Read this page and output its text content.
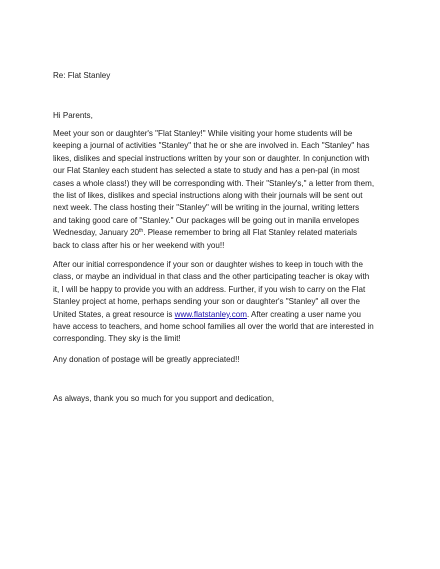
Re: Flat Stanley
Hi Parents,
Meet your son or daughter's "Flat Stanley!" While visiting your home students will be
keeping a journal of activities "Stanley" that he or she are involved in. Each "Stanley" has
likes, dislikes and special instructions written by your son or daughter. In conjunction with
our Flat Stanley each student has selected a state to study and has a pen-pal (in most
cases a whole class!) they will be corresponding with. Their "Stanley's," a letter from them,
the list of likes, dislikes and special instructions along with their journals will be sent out
next week. The class hosting their "Stanley" will be writing in the journal, writing letters
and taking good care of "Stanley." Our packages will be going out in manila envelopes
Wednesday, January 20th. Please remember to bring all Flat Stanley related materials
back to class after his or her weekend with you!!
After our initial correspondence if your son or daughter wishes to keep in touch with the
class, or maybe an individual in that class and the other participating teacher is okay with
it, I will be happy to provide you with an address. Further, if you wish to carry on the Flat
Stanley project at home, perhaps sending your son or daughter's "Stanley" all over the
United States, a great resource is www.flatstanley.com. After creating a user name you
have access to teachers, and home school families all over the world that are interested in
corresponding. They sky is the limit!
Any donation of postage will be greatly appreciated!!
As always, thank you so much for you support and dedication,
